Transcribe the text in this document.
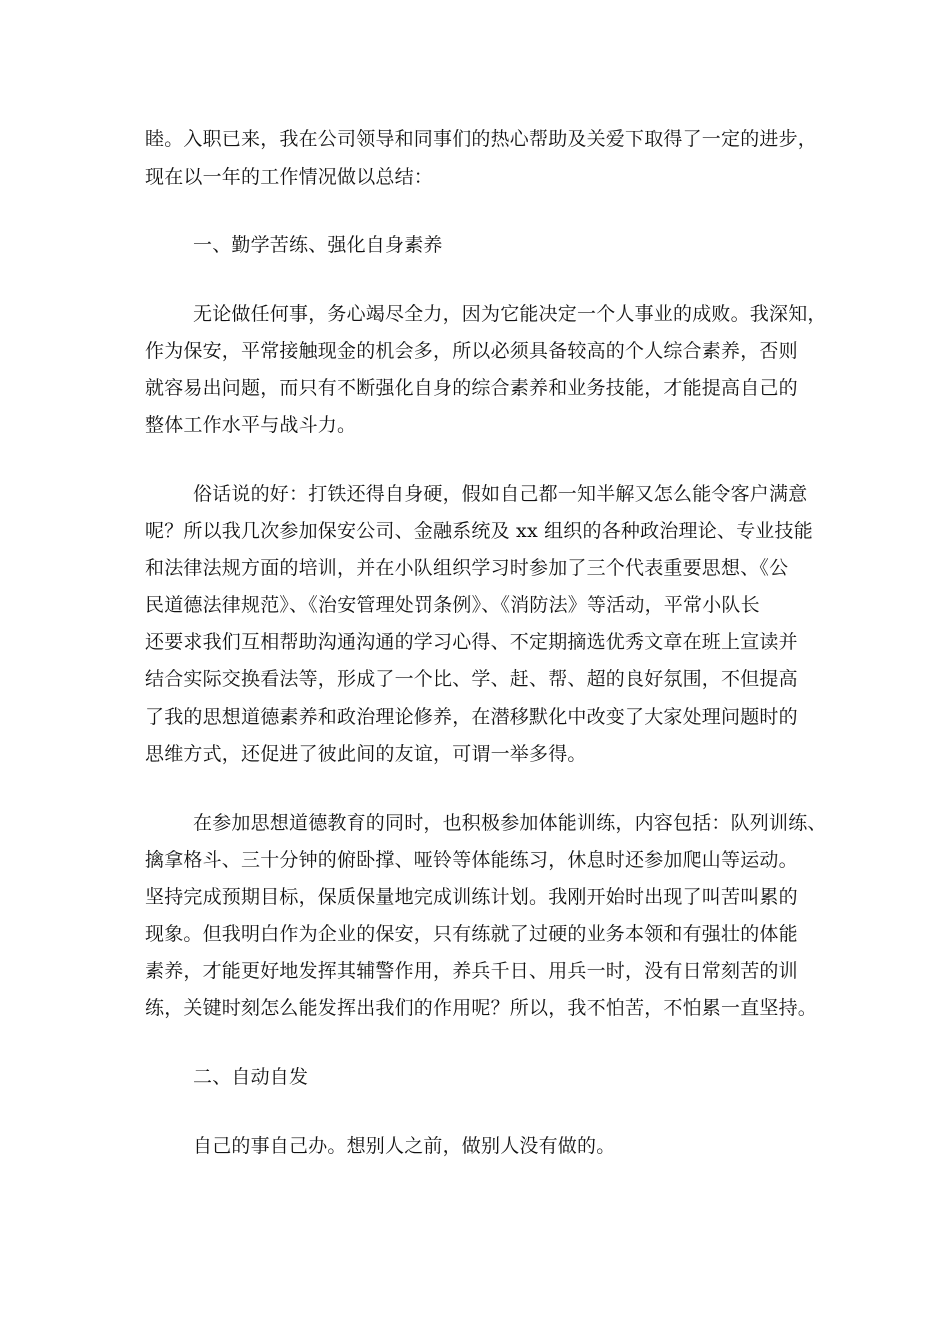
睦。入职已来，我在公司领导和同事们的热心帮助及关爱下取得了一定的进步，
现在以一年的工作情况做以总结：
一、勤学苦练、强化自身素养
无论做任何事，务心竭尽全力，因为它能决定一个人事业的成败。我深知，
作为保安，平常接触现金的机会多，所以必须具备较高的个人综合素养，否则
就容易出问题，而只有不断强化自身的综合素养和业务技能，才能提高自己的
整体工作水平与战斗力。
俗话说的好：打铁还得自身硬，假如自己都一知半解又怎么能令客户满意
呢？所以我几次参加保安公司、金融系统及 xx 组织的各种政治理论、专业技能
和法律法规方面的培训，并在小队组织学习时参加了三个代表重要思想、《公
民道德法律规范》、《治安管理处罚条例》、《消防法》等活动，平常小队长
还要求我们互相帮助沟通沟通的学习心得、不定期摘选优秀文章在班上宣读并
结合实际交换看法等，形成了一个比、学、赶、帮、超的良好氛围，不但提高
了我的思想道德素养和政治理论修养，在潜移默化中改变了大家处理问题时的
思维方式，还促进了彼此间的友谊，可谓一举多得。
在参加思想道德教育的同时，也积极参加体能训练，内容包括：队列训练、
擒拿格斗、三十分钟的俯卧撑、哑铃等体能练习，休息时还参加爬山等运动。
坚持完成预期目标，保质保量地完成训练计划。我刚开始时出现了叫苦叫累的
现象。但我明白作为企业的保安，只有练就了过硬的业务本领和有强壮的体能
素养，才能更好地发挥其辅警作用，养兵千日、用兵一时，没有日常刻苦的训
练，关键时刻怎么能发挥出我们的作用呢？所以，我不怕苦，不怕累一直坚持。
二、自动自发
自己的事自己办。想别人之前，做别人没有做的。
